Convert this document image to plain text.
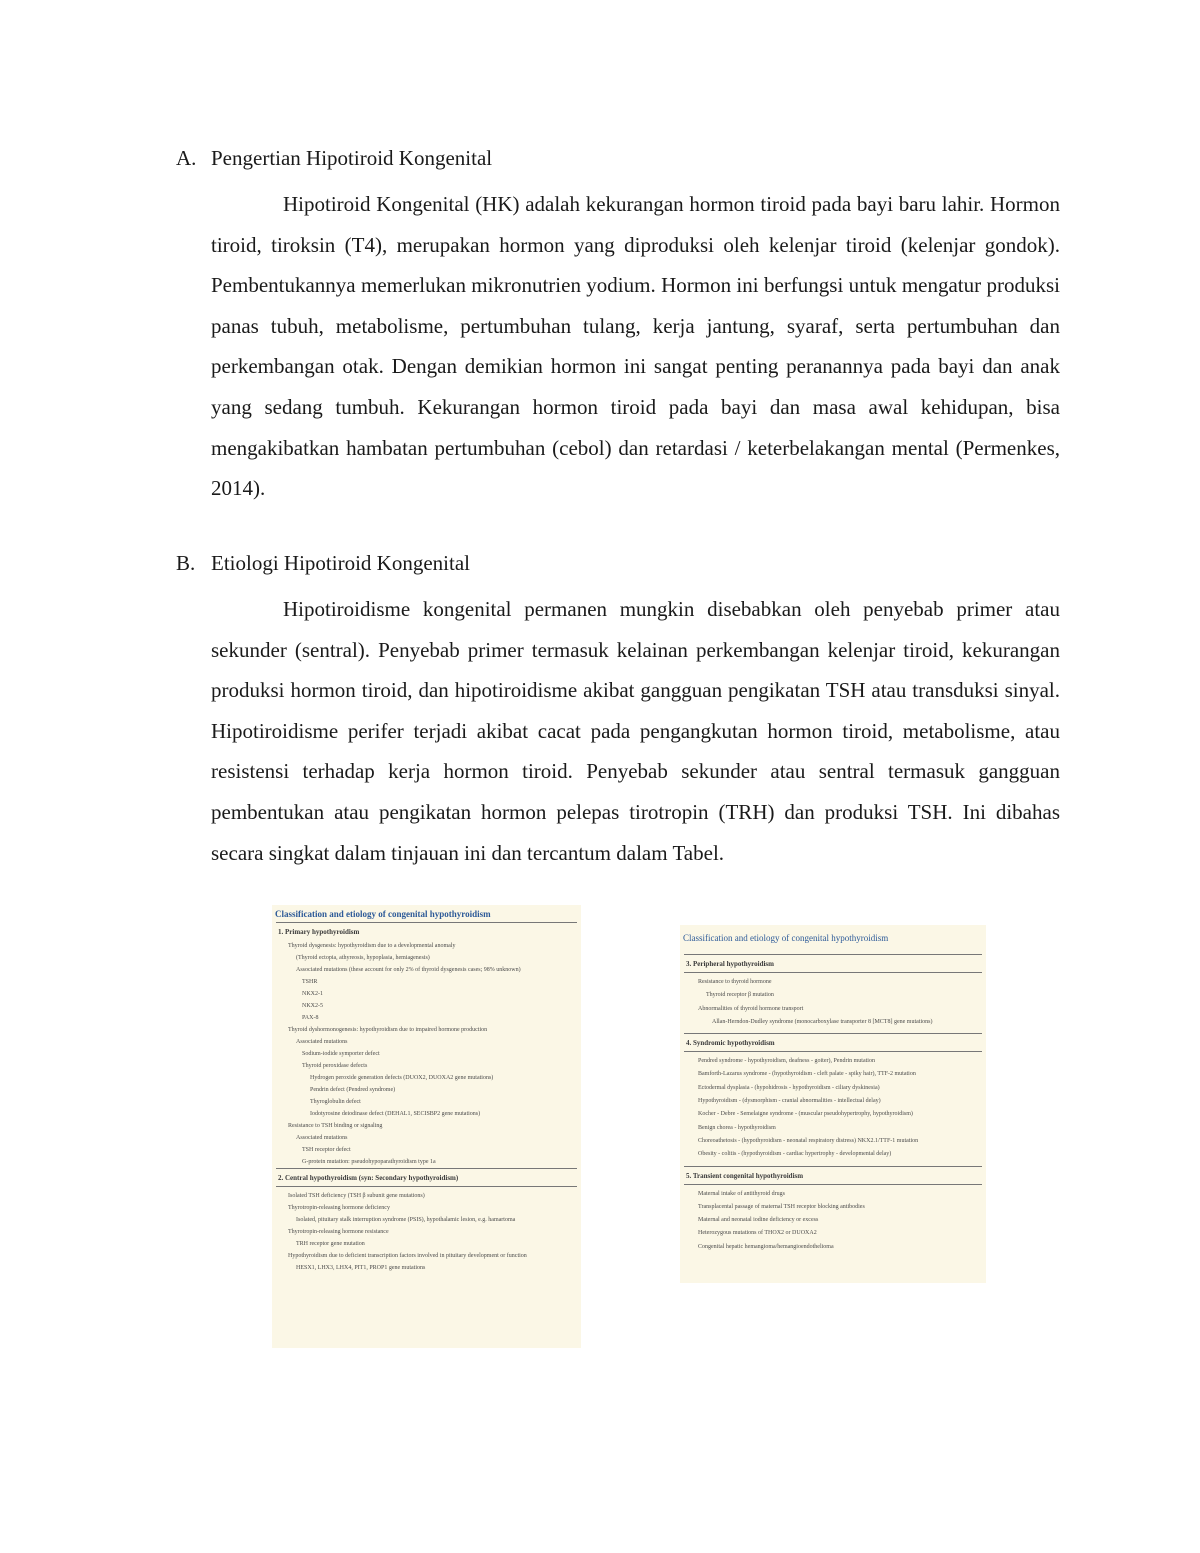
A. Pengertian Hipotiroid Kongenital

Hipotiroid Kongenital (HK) adalah kekurangan hormon tiroid pada bayi baru lahir. Hormon tiroid, tiroksin (T4), merupakan hormon yang diproduksi oleh kelenjar tiroid (kelenjar gondok). Pembentukannya memerlukan mikronutrien yodium. Hormon ini berfungsi untuk mengatur produksi panas tubuh, metabolisme, pertumbuhan tulang, kerja jantung, syaraf, serta pertumbuhan dan perkembangan otak. Dengan demikian hormon ini sangat penting peranannya pada bayi dan anak yang sedang tumbuh. Kekurangan hormon tiroid pada bayi dan masa awal kehidupan, bisa mengakibatkan hambatan pertumbuhan (cebol) dan retardasi / keterbelakangan mental (Permenkes, 2014).

B. Etiologi Hipotiroid Kongenital

Hipotiroidisme kongenital permanen mungkin disebabkan oleh penyebab primer atau sekunder (sentral). Penyebab primer termasuk kelainan perkembangan kelenjar tiroid, kekurangan produksi hormon tiroid, dan hipotiroidisme akibat gangguan pengikatan TSH atau transduksi sinyal. Hipotiroidisme perifer terjadi akibat cacat pada pengangkutan hormon tiroid, metabolisme, atau resistensi terhadap kerja hormon tiroid. Penyebab sekunder atau sentral termasuk gangguan pembentukan atau pengikatan hormon pelepas tirotropin (TRH) dan produksi TSH. Ini dibahas secara singkat dalam tinjauan ini dan tercantum dalam Tabel.

Classification and etiology of congenital hypothyroidism
1. Primary hypothyroidism
Thyroid dysgenesis: hypothyroidism due to a developmental anomaly
(Thyroid ectopia, athyreosis, hypoplasia, hemiagenesis)
Associated mutations (these account for only 2% of thyroid dysgenesis cases; 98% unknown)
TSHR
NKX2-1
NKX2-5
PAX-8
Thyroid dyshormonogenesis: hypothyroidism due to impaired hormone production
Associated mutations
Sodium-iodide symporter defect
Thyroid peroxidase defects
Hydrogen peroxide generation defects (DUOX2, DUOXA2 gene mutations)
Pendrin defect (Pendred syndrome)
Thyroglobulin defect
Iodotyrosine deiodinase defect (DEHAL1, SECISBP2 gene mutations)
Resistance to TSH binding or signaling
Associated mutations
TSH receptor defect
G-protein mutation: pseudohypoparathyroidism type 1a
2. Central hypothyroidism (syn: Secondary hypothyroidism)
Isolated TSH deficiency (TSH β subunit gene mutations)
Thyrotropin-releasing hormone deficiency
Isolated, pituitary stalk interruption syndrome (PSIS), hypothalamic lesion, e.g. hamartoma
Thyrotropin-releasing hormone resistance
TRH receptor gene mutation
Hypothyroidism due to deficient transcription factors involved in pituitary development or function
HESX1, LHX3, LHX4, PIT1, PROP1 gene mutations
Classification and etiology of congenital hypothyroidism
3. Peripheral hypothyroidism
Resistance to thyroid hormone
Thyroid receptor β mutation
Abnormalities of thyroid hormone transport
Allan-Herndon-Dudley syndrome (monocarboxylase transporter 8 [MCT8] gene mutations)
4. Syndromic hypothyroidism
Pendred syndrome - hypothyroidism, deafness - goiter), Pendrin mutation
Bamforth-Lazarus syndrome - (hypothyroidism - cleft palate - spiky hair), TTF-2 mutation
Ectodermal dysplasia - (hypohidrosis - hypothyroidism - ciliary dyskinesia)
Hypothyroidism - (dysmorphism - cranial abnormalities - intellectual delay)
Kocher - Debre - Semelaigne syndrome - (muscular pseudohypertrophy, hypothyroidism)
Benign chorea - hypothyroidism
Choreoathetosis - (hypothyroidism - neonatal respiratory distress) NKX2.1/TTF-1 mutation
Obesity - colitis - (hypothyroidism - cardiac hypertrophy - developmental delay)
5. Transient congenital hypothyroidism
Maternal intake of antithyroid drugs
Transplacental passage of maternal TSH receptor blocking antibodies
Maternal and neonatal iodine deficiency or excess
Heterozygous mutations of THOX2 or DUOXA2
Congenital hepatic hemangioma/hemangioendothelioma
